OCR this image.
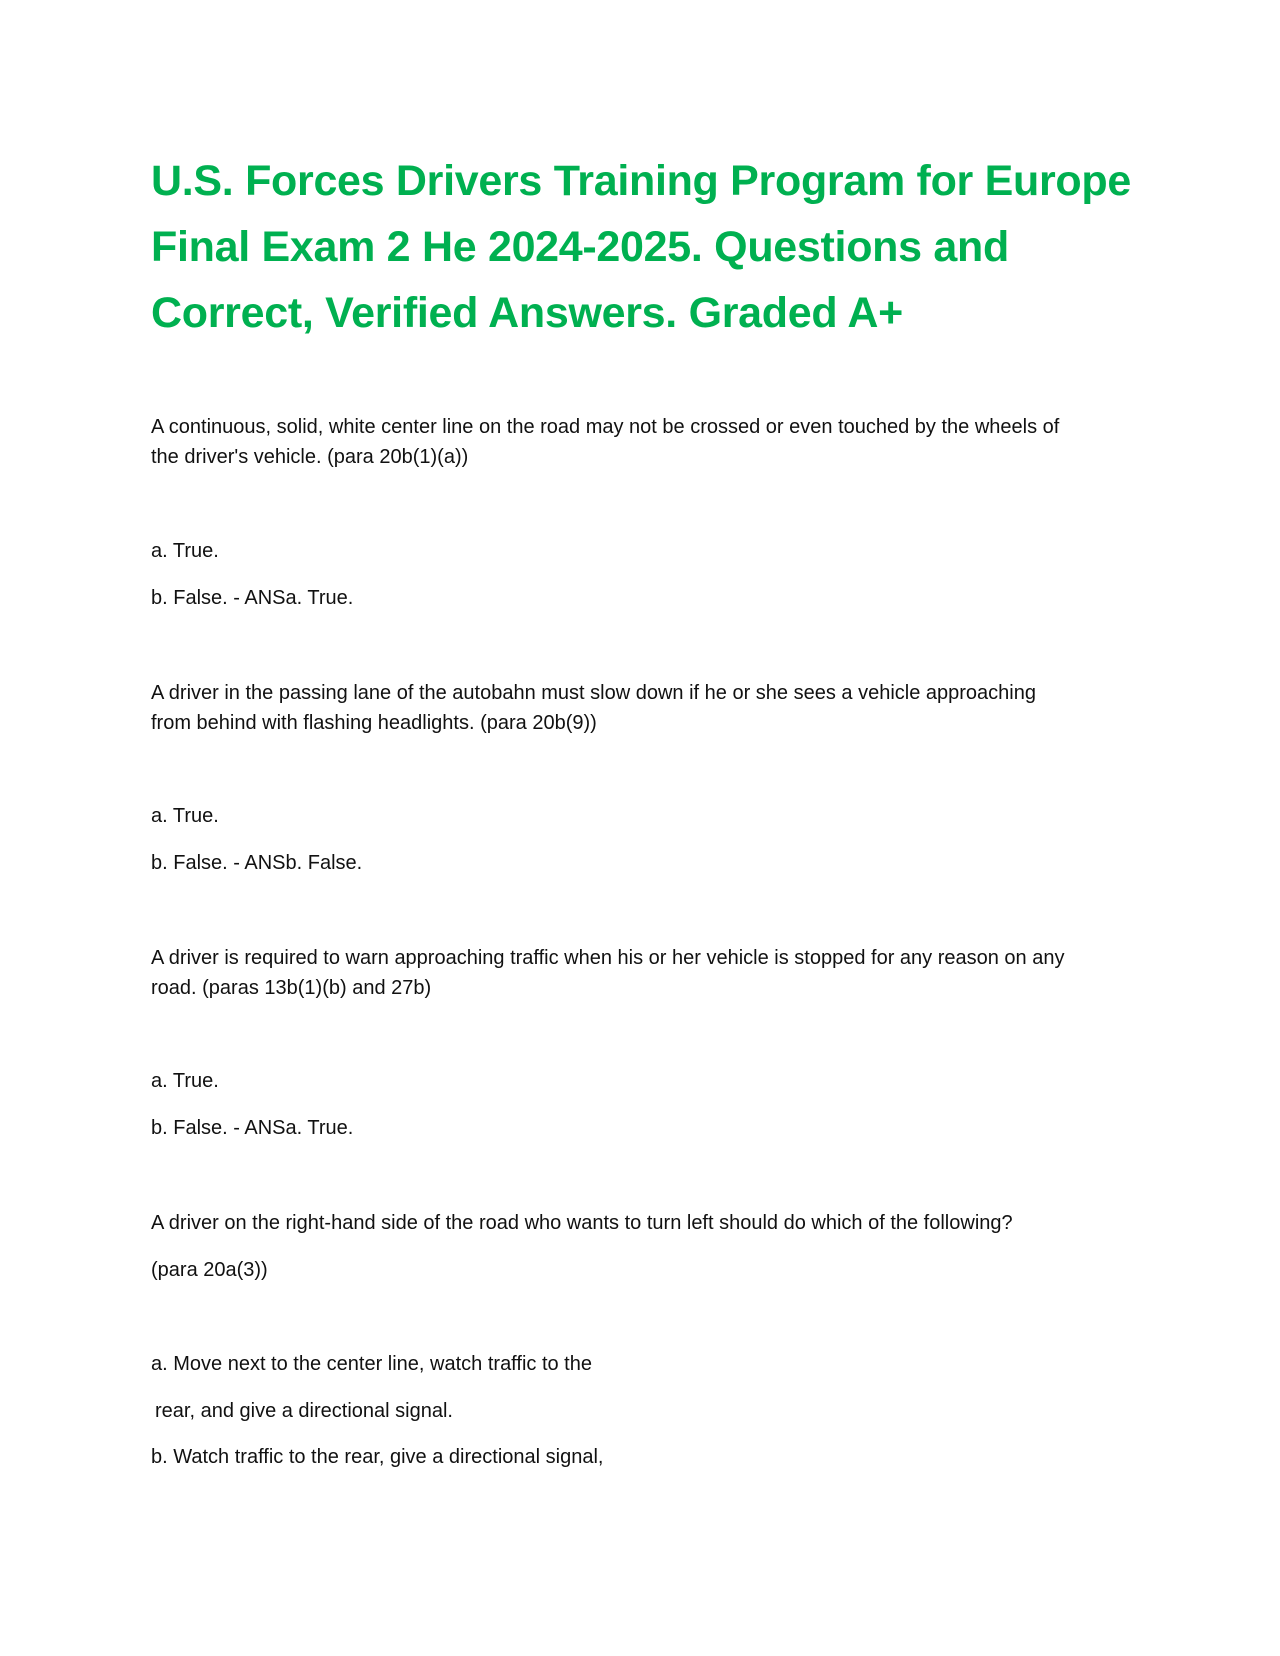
U.S. Forces Drivers Training Program for Europe Final Exam 2 He 2024-2025. Questions and Correct, Verified Answers. Graded A+

A continuous, solid, white center line on the road may not be crossed or even touched by the wheels of

the driver's vehicle. (para 20b(1)(a))

a. True.

b. False. - ANSa. True.

A driver in the passing lane of the autobahn must slow down if he or she sees a vehicle approaching

from behind with flashing headlights. (para 20b(9))

a. True.

b. False. - ANSb. False.

A driver is required to warn approaching traffic when his or her vehicle is stopped for any reason on any

road. (paras 13b(1)(b) and 27b)

a. True.

b. False. - ANSa. True.

A driver on the right-hand side of the road who wants to turn left should do which of the following?

(para 20a(3))

a. Move next to the center line, watch traffic to the

rear, and give a directional signal.

b. Watch traffic to the rear, give a directional signal,
